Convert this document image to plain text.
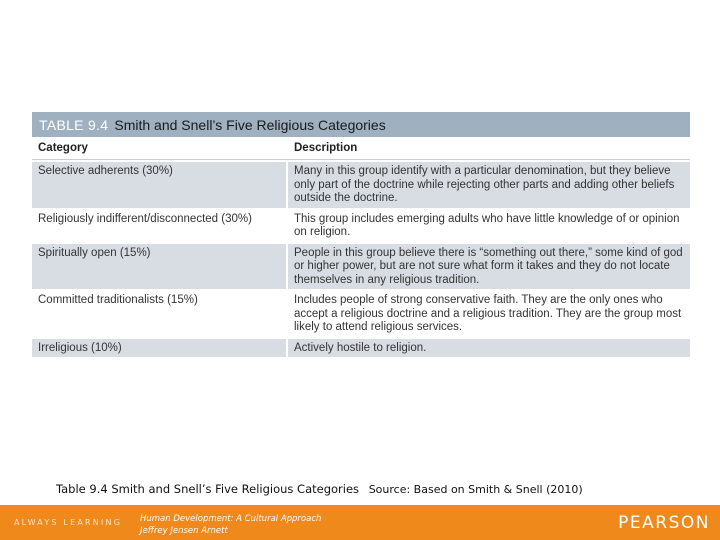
TABLE 9.4 Smith and Snell’s Five Religious Categories
Category	Description
Selective adherents (30%)	Many in this group identify with a particular denomination, but they believe only part of the doctrine while rejecting other parts and adding other beliefs outside the doctrine.
Religiously indifferent/disconnected (30%)	This group includes emerging adults who have little knowledge of or opinion on religion.
Spiritually open (15%)	People in this group believe there is “something out there,” some kind of god or higher power, but are not sure what form it takes and they do not locate themselves in any religious tradition.
Committed traditionalists (15%)	Includes people of strong conservative faith. They are the only ones who accept a religious doctrine and a religious tradition. They are the group most likely to attend religious services.
Irreligious (10%)	Actively hostile to religion.
Table 9.4 Smith and Snell’s Five Religious Categories Source: Based on Smith & Snell (2010)
ALWAYS LEARNING Human Development: A Cultural Approach
Jeffrey Jensen Arnett	PEARSON
